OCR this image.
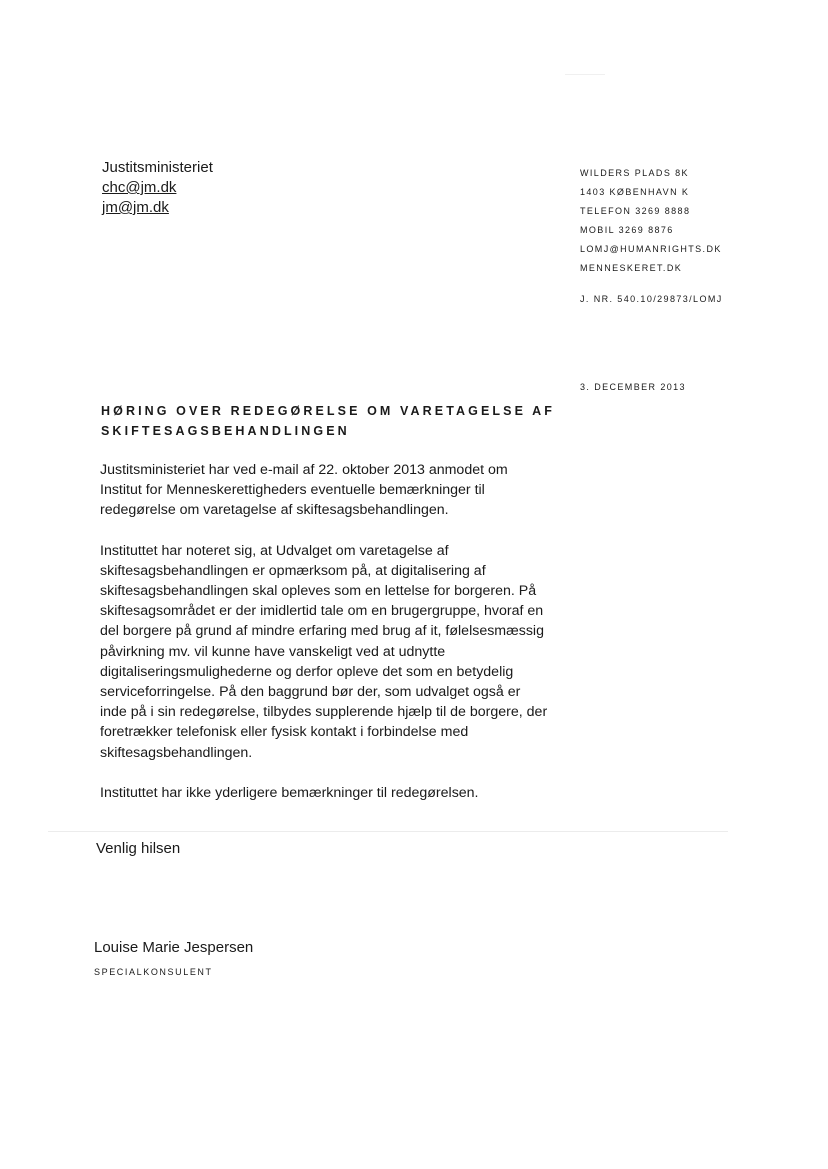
Justitsministeriet
chc@jm.dk
jm@jm.dk
WILDERS PLADS 8K
1403 KØBENHAVN K
TELEFON 3269 8888
MOBIL 3269 8876
LOMJ@HUMANRIGHTS.DK
MENNESKERET.DK
J. NR. 540.10/29873/LOMJ
3. DECEMBER 2013
HØRING OVER REDEGØRELSE OM VARETAGELSE AF SKIFTESAGSBEHANDLINGEN

Justitsministeriet har ved e-mail af 22. oktober 2013 anmodet om Institut for Menneskerettigheders eventuelle bemærkninger til redegørelse om varetagelse af skiftesagsbehandlingen.

Instituttet har noteret sig, at Udvalget om varetagelse af skiftesagsbehandlingen er opmærksom på, at digitalisering af skiftesagsbehandlingen skal opleves som en lettelse for borgeren. På skiftesagsområdet er der imidlertid tale om en brugergruppe, hvoraf en del borgere på grund af mindre erfaring med brug af it, følelsesmæssig påvirkning mv. vil kunne have vanskeligt ved at udnytte digitaliseringsmulighederne og derfor opleve det som en betydelig serviceforringelse. På den baggrund bør der, som udvalget også er inde på i sin redegørelse, tilbydes supplerende hjælp til de borgere, der foretrækker telefonisk eller fysisk kontakt i forbindelse med skiftesagsbehandlingen.

Instituttet har ikke yderligere bemærkninger til redegørelsen.

Venlig hilsen
Louise Marie Jespersen
SPECIALKONSULENT
